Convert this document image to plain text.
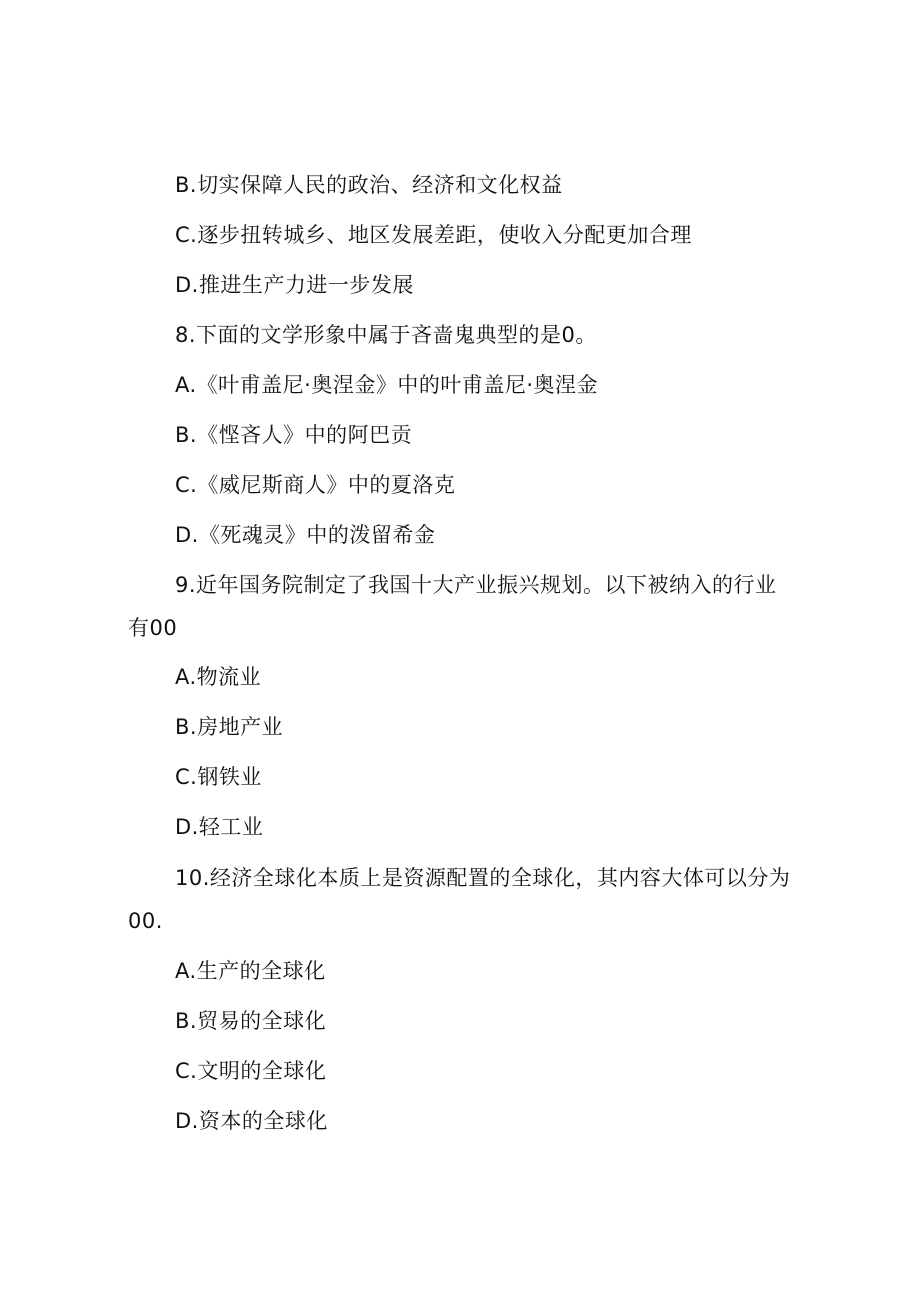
B.切实保障人民的政治、经济和文化权益
C.逐步扭转城乡、地区发展差距，使收入分配更加合理
D.推进生产力进一步发展
8.下面的文学形象中属于吝啬鬼典型的是0。
A.《叶甫盖尼·奥涅金》中的叶甫盖尼·奥涅金
B.《悭吝人》中的阿巴贡
C.《威尼斯商人》中的夏洛克
D.《死魂灵》中的泼留希金
9.近年国务院制定了我国十大产业振兴规划。以下被纳入的行业
有00
A.物流业
B.房地产业
C.钢铁业
D.轻工业
10.经济全球化本质上是资源配置的全球化，其内容大体可以分为
00.
A.生产的全球化
B.贸易的全球化
C.文明的全球化
D.资本的全球化
